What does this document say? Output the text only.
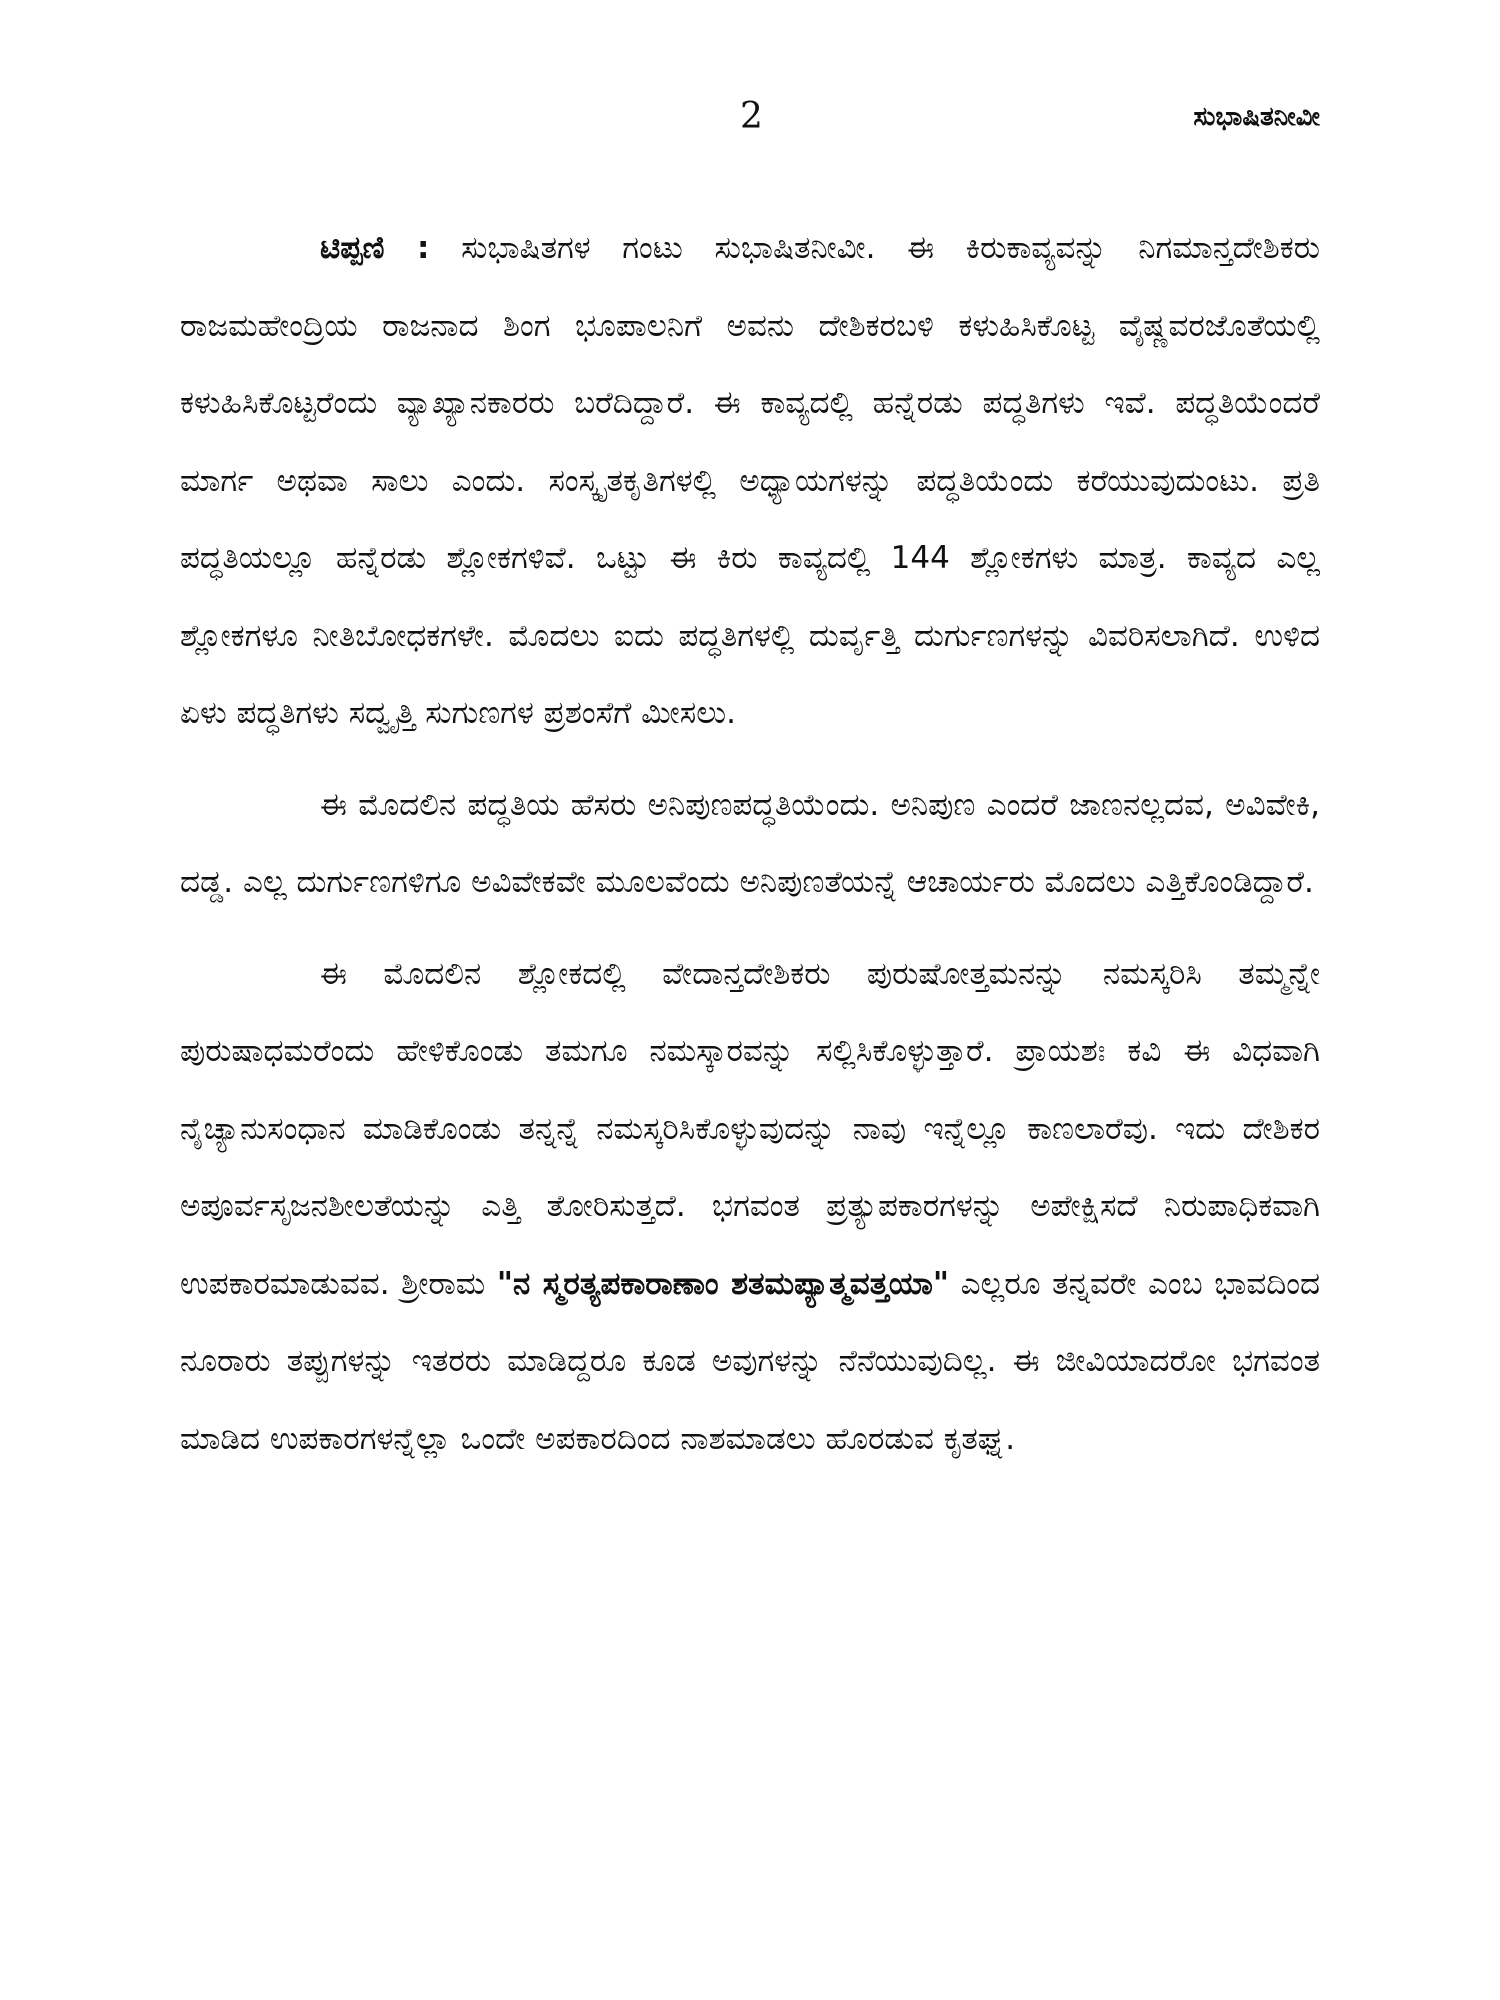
2	ಸುಭಾಷಿತನೀವೀ

ಟಿಪ್ಪಣಿ : ಸುಭಾಷಿತಗಳ ಗಂಟು ಸುಭಾಷಿತನೀವೀ. ಈ ಕಿರುಕಾವ್ಯವನ್ನು ನಿಗಮಾನ್ತದೇಶಿಕರು ರಾಜಮಹೇಂದ್ರಿಯ ರಾಜನಾದ ಶಿಂಗ ಭೂಪಾಲನಿಗೆ ಅವನು ದೇಶಿಕರಬಳಿ ಕಳುಹಿಸಿಕೊಟ್ಟ ವೈಷ್ಣವರಜೊತೆಯಲ್ಲಿ ಕಳುಹಿಸಿಕೊಟ್ಟರೆಂದು ವ್ಯಾಖ್ಯಾನಕಾರರು ಬರೆದಿದ್ದಾರೆ. ಈ ಕಾವ್ಯದಲ್ಲಿ ಹನ್ನೆರಡು ಪದ್ಧತಿಗಳು ಇವೆ. ಪದ್ಧತಿಯೆಂದರೆ ಮಾರ್ಗ ಅಥವಾ ಸಾಲು ಎಂದು. ಸಂಸ್ಕೃತಕೃತಿಗಳಲ್ಲಿ ಅಧ್ಯಾಯಗಳನ್ನು ಪದ್ಧತಿಯೆಂದು ಕರೆಯುವುದುಂಟು. ಪ್ರತಿ ಪದ್ಧತಿಯಲ್ಲೂ ಹನ್ನೆರಡು ಶ್ಲೋಕಗಳಿವೆ. ಒಟ್ಟು ಈ ಕಿರು ಕಾವ್ಯದಲ್ಲಿ 144 ಶ್ಲೋಕಗಳು ಮಾತ್ರ. ಕಾವ್ಯದ ಎಲ್ಲ ಶ್ಲೋಕಗಳೂ ನೀತಿಬೋಧಕಗಳೇ. ಮೊದಲು ಐದು ಪದ್ಧತಿಗಳಲ್ಲಿ ದುರ್ವೃತ್ತಿ ದುರ್ಗುಣಗಳನ್ನು ವಿವರಿಸಲಾಗಿದೆ. ಉಳಿದ ಏಳು ಪದ್ಧತಿಗಳು ಸದ್ವೃತ್ತಿ ಸುಗುಣಗಳ ಪ್ರಶಂಸೆಗೆ ಮೀಸಲು.

ಈ ಮೊದಲಿನ ಪದ್ಧತಿಯ ಹೆಸರು ಅನಿಪುಣಪದ್ಧತಿಯೆಂದು. ಅನಿಪುಣ ಎಂದರೆ ಜಾಣನಲ್ಲದವ, ಅವಿವೇಕಿ, ದಡ್ಡ. ಎಲ್ಲ ದುರ್ಗುಣಗಳಿಗೂ ಅವಿವೇಕವೇ ಮೂಲವೆಂದು ಅನಿಪುಣತೆಯನ್ನೆ ಆಚಾರ್ಯರು ಮೊದಲು ಎತ್ತಿಕೊಂಡಿದ್ದಾರೆ.

ಈ ಮೊದಲಿನ ಶ್ಲೋಕದಲ್ಲಿ ವೇದಾನ್ತದೇಶಿಕರು ಪುರುಷೋತ್ತಮನನ್ನು ನಮಸ್ಕರಿಸಿ ತಮ್ಮನ್ನೇ ಪುರುಷಾಧಮರೆಂದು ಹೇಳಿಕೊಂಡು ತಮಗೂ ನಮಸ್ಕಾರವನ್ನು ಸಲ್ಲಿಸಿಕೊಳ್ಳುತ್ತಾರೆ. ಪ್ರಾಯಶಃ ಕವಿ ಈ ವಿಧವಾಗಿ ನೈಚ್ಯಾನುಸಂಧಾನ ಮಾಡಿಕೊಂಡು ತನ್ನನ್ನೆ ನಮಸ್ಕರಿಸಿಕೊಳ್ಳುವುದನ್ನು ನಾವು ಇನ್ನೆಲ್ಲೂ ಕಾಣಲಾರೆವು. ಇದು ದೇಶಿಕರ ಅಪೂರ್ವಸೃಜನಶೀಲತೆಯನ್ನು ಎತ್ತಿ ತೋರಿಸುತ್ತದೆ. ಭಗವಂತ ಪ್ರತ್ಯುಪಕಾರಗಳನ್ನು ಅಪೇಕ್ಷಿಸದೆ ನಿರುಪಾಧಿಕವಾಗಿ ಉಪಕಾರಮಾಡುವವ. ಶ್ರೀರಾಮ "ನ ಸ್ಮರತ್ಯಪಕಾರಾಣಾಂ ಶತಮಪ್ಯಾತ್ಮವತ್ತಯಾ" ಎಲ್ಲರೂ ತನ್ನವರೇ ಎಂಬ ಭಾವದಿಂದ ನೂರಾರು ತಪ್ಪುಗಳನ್ನು ಇತರರು ಮಾಡಿದ್ದರೂ ಕೂಡ ಅವುಗಳನ್ನು ನೆನೆಯುವುದಿಲ್ಲ. ಈ ಜೀವಿಯಾದರೋ ಭಗವಂತ ಮಾಡಿದ ಉಪಕಾರಗಳನ್ನೆಲ್ಲಾ ಒಂದೇ ಅಪಕಾರದಿಂದ ನಾಶಮಾಡಲು ಹೊರಡುವ ಕೃತಘ್ನ.
